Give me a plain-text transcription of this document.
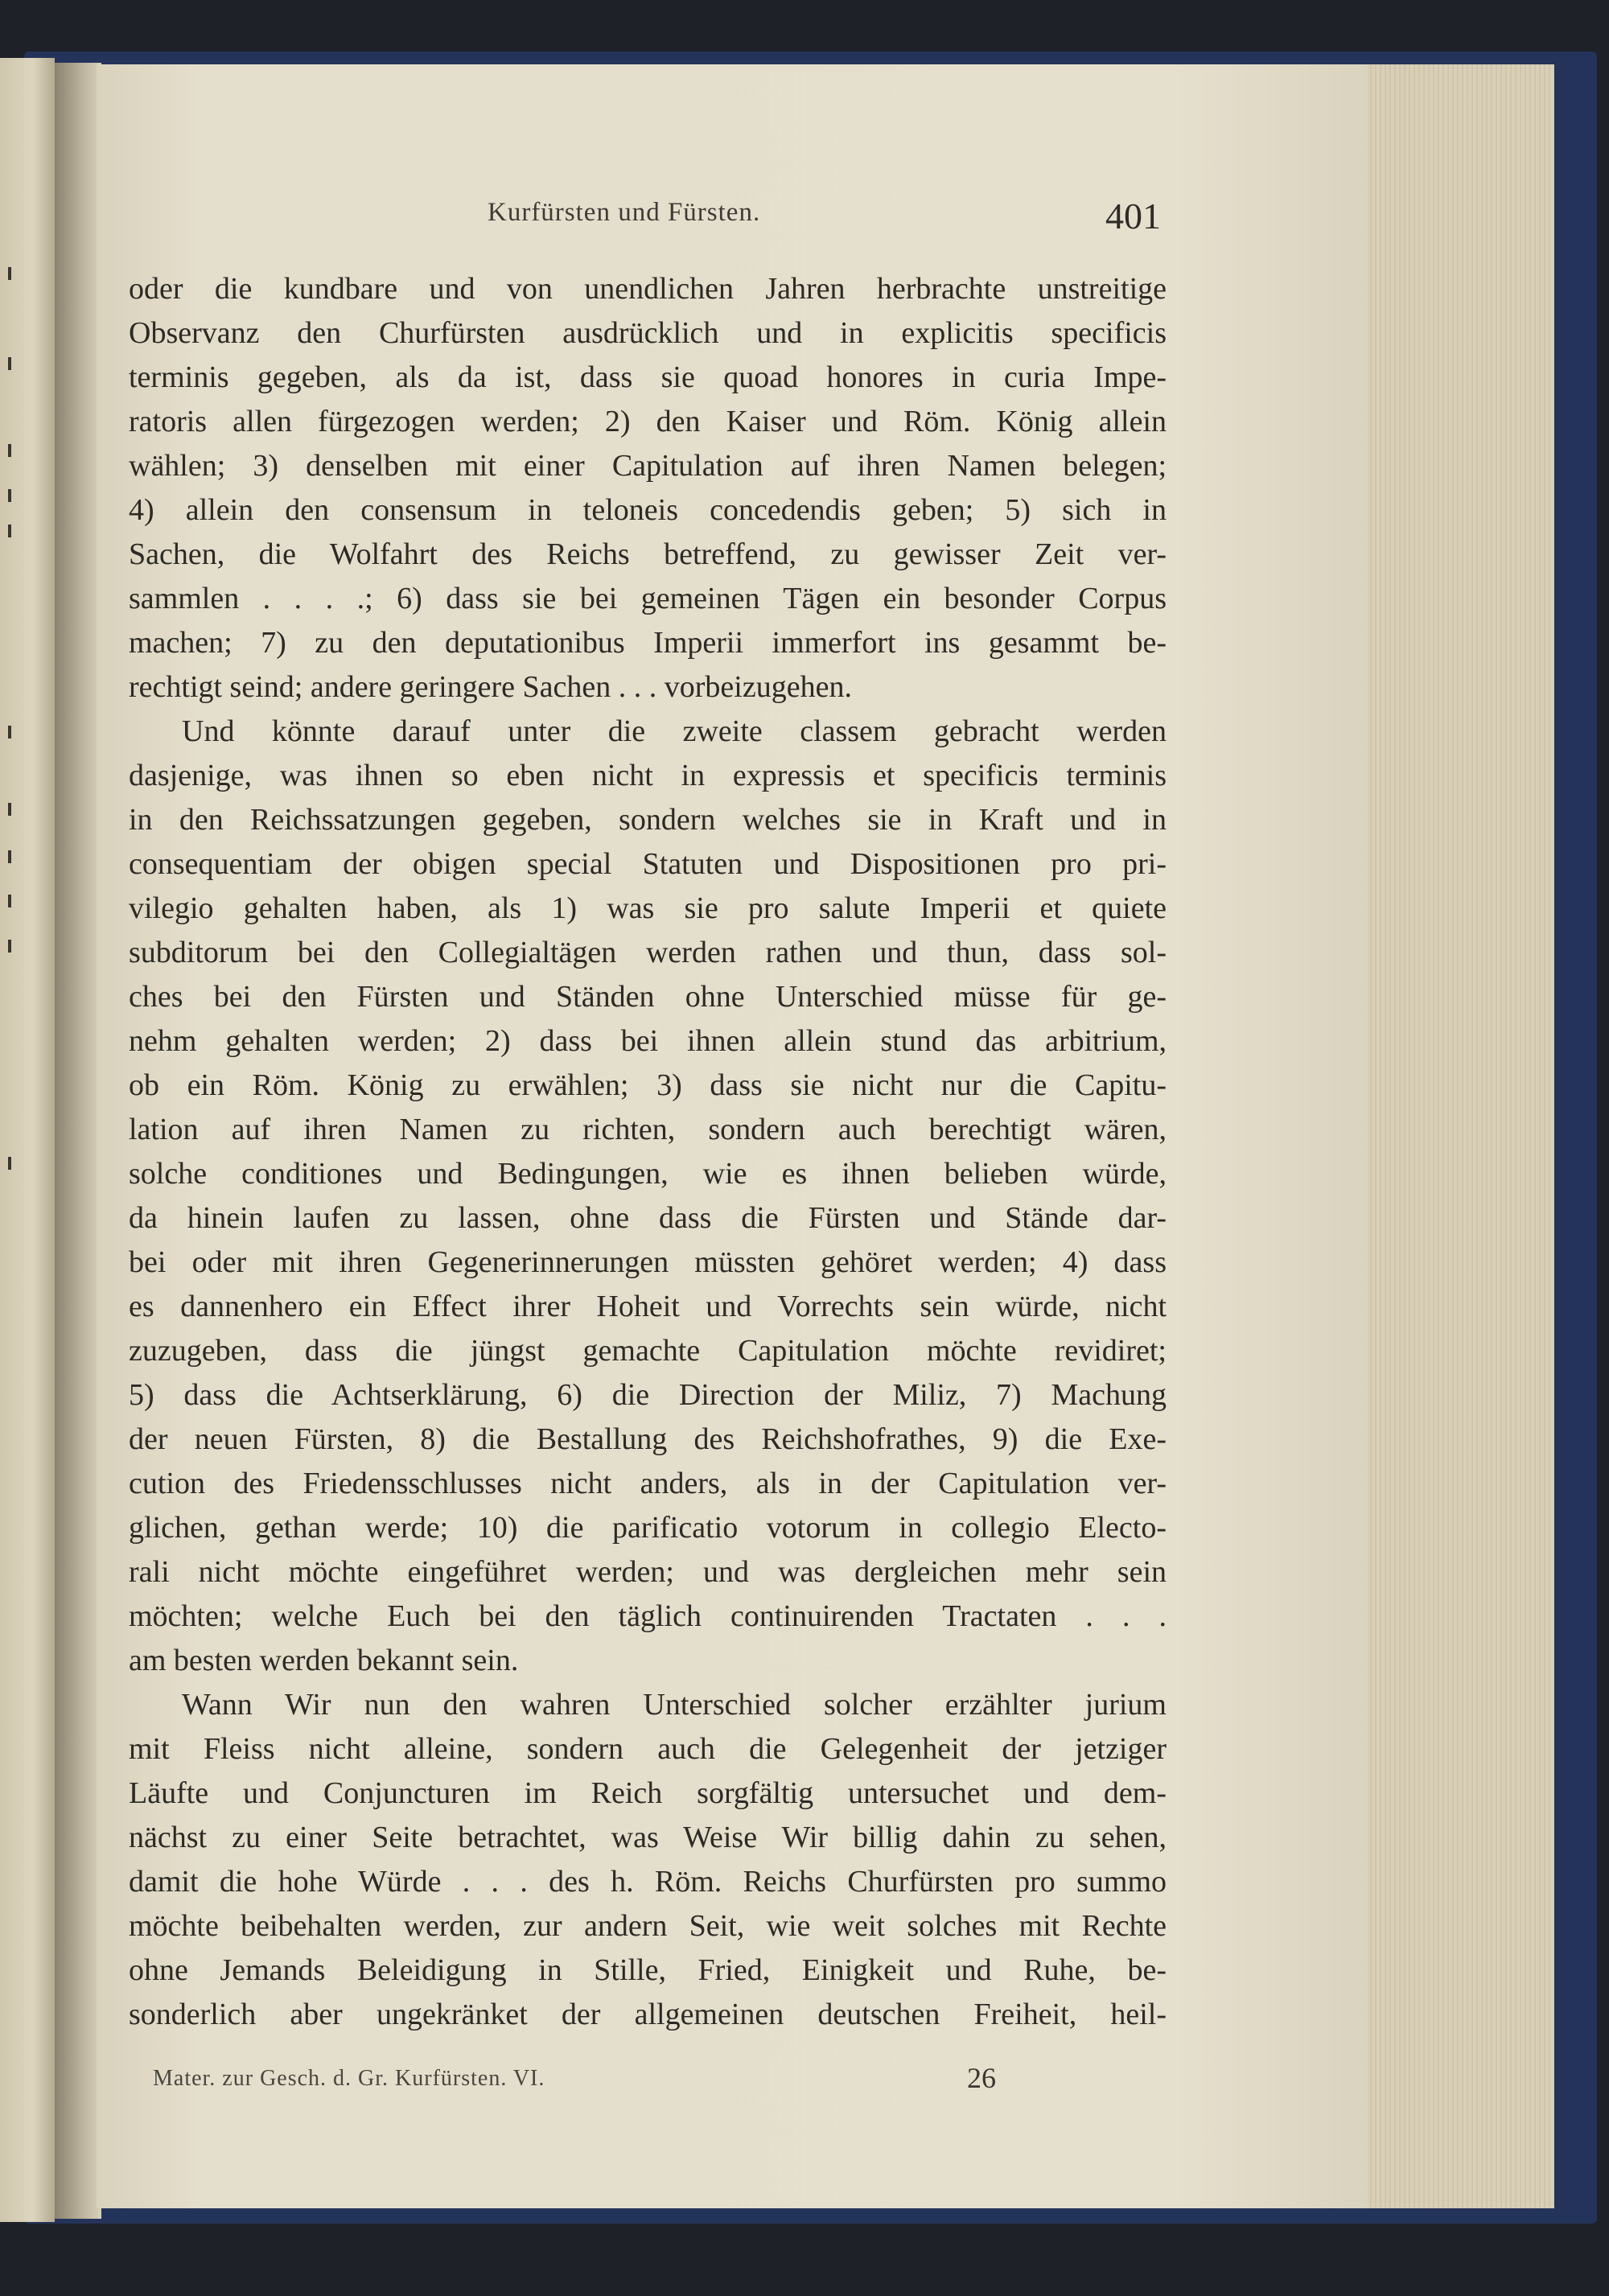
Kurfürsten und Fürsten.	401
oder die kundbare und von unendlichen Jahren herbrachte unstreitige
Observanz den Churfürsten ausdrücklich und in explicitis specificis
terminis gegeben, als da ist, dass sie quoad honores in curia Impe-
ratoris allen fürgezogen werden; 2) den Kaiser und Röm. König allein
wählen; 3) denselben mit einer Capitulation auf ihren Namen belegen;
4) allein den consensum in teloneis concedendis geben; 5) sich in
Sachen, die Wolfahrt des Reichs betreffend, zu gewisser Zeit ver-
sammlen . . . .; 6) dass sie bei gemeinen Tägen ein besonder Corpus
machen; 7) zu den deputationibus Imperii immerfort ins gesammt be-
rechtigt seind; andere geringere Sachen . . . vorbeizugehen.
Und könnte darauf unter die zweite classem gebracht werden
dasjenige, was ihnen so eben nicht in expressis et specificis terminis
in den Reichssatzungen gegeben, sondern welches sie in Kraft und in
consequentiam der obigen special Statuten und Dispositionen pro pri-
vilegio gehalten haben, als 1) was sie pro salute Imperii et quiete
subditorum bei den Collegialtägen werden rathen und thun, dass sol-
ches bei den Fürsten und Ständen ohne Unterschied müsse für ge-
nehm gehalten werden; 2) dass bei ihnen allein stund das arbitrium,
ob ein Röm. König zu erwählen; 3) dass sie nicht nur die Capitu-
lation auf ihren Namen zu richten, sondern auch berechtigt wären,
solche conditiones und Bedingungen, wie es ihnen belieben würde,
da hinein laufen zu lassen, ohne dass die Fürsten und Stände dar-
bei oder mit ihren Gegenerinnerungen müssten gehöret werden; 4) dass
es dannenhero ein Effect ihrer Hoheit und Vorrechts sein würde, nicht
zuzugeben, dass die jüngst gemachte Capitulation möchte revidiret;
5) dass die Achtserklärung, 6) die Direction der Miliz, 7) Machung
der neuen Fürsten, 8) die Bestallung des Reichshofrathes, 9) die Exe-
cution des Friedensschlusses nicht anders, als in der Capitulation ver-
glichen, gethan werde; 10) die parificatio votorum in collegio Electo-
rali nicht möchte eingeführet werden; und was dergleichen mehr sein
möchten; welche Euch bei den täglich continuirenden Tractaten . . .
am besten werden bekannt sein.
Wann Wir nun den wahren Unterschied solcher erzählter jurium
mit Fleiss nicht alleine, sondern auch die Gelegenheit der jetziger
Läufte und Conjuncturen im Reich sorgfältig untersuchet und dem-
nächst zu einer Seite betrachtet, was Weise Wir billig dahin zu sehen,
damit die hohe Würde . . . des h. Röm. Reichs Churfürsten pro summo
möchte beibehalten werden, zur andern Seit, wie weit solches mit Rechte
ohne Jemands Beleidigung in Stille, Fried, Einigkeit und Ruhe, be-
sonderlich aber ungekränket der allgemeinen deutschen Freiheit, heil-
Mater. zur Gesch. d. Gr. Kurfürsten. VI.	26
